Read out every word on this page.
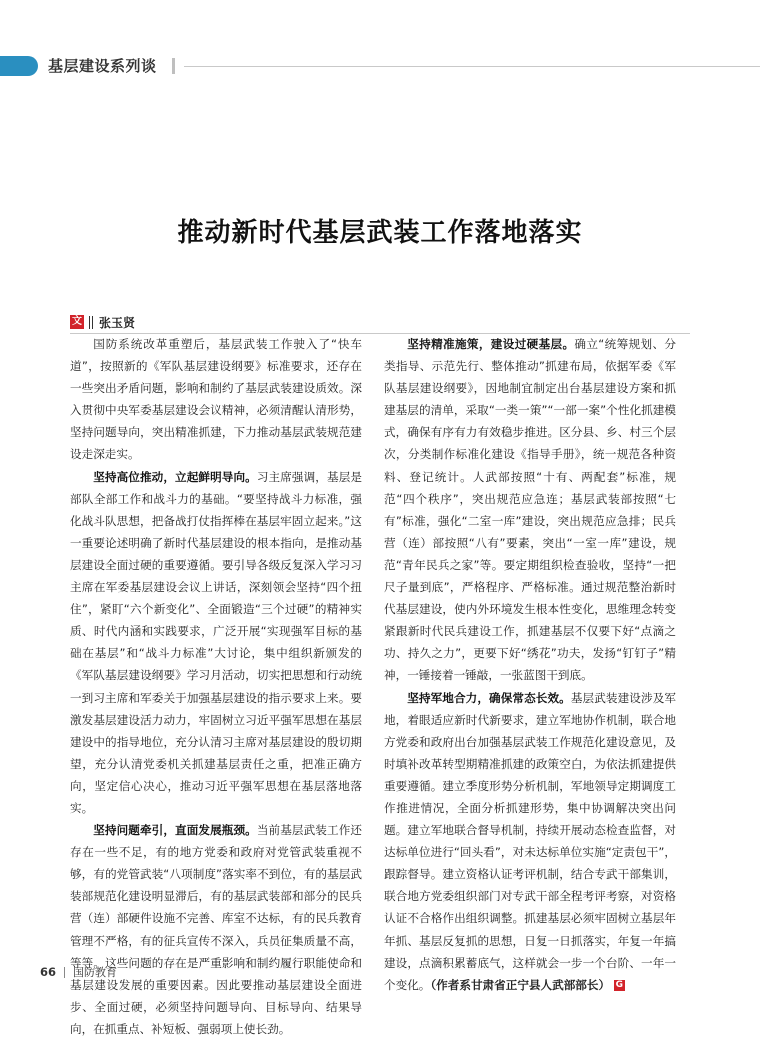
基层建设系列谈
推动新时代基层武装工作落地落实
文 张玉贤

国防系统改革重塑后，基层武装工作驶入了“快车道”，按照新的《军队基层建设纲要》标准要求，还存在一些突出矛盾问题，影响和制约了基层武装建设质效。深入贯彻中央军委基层建设会议精神，必须清醒认清形势，坚持问题导向，突出精准抓建，下力推动基层武装规范建设走深走实。

坚持高位推动，立起鲜明导向。习主席强调，基层是部队全部工作和战斗力的基础。“要坚持战斗力标准，强化战斗队思想，把备战打仗指挥棒在基层牢固立起来。”这一重要论述明确了新时代基层建设的根本指向，是推动基层建设全面过硬的重要遵循。要引导各级反复深入学习习主席在军委基层建设会议上讲话，深刻领会坚持“四个扭住”，紧盯“六个新变化”、全面锻造“三个过硬”的精神实质、时代内涵和实践要求，广泛开展“实现强军目标的基础在基层”和“战斗力标准”大讨论，集中组织新颁发的《军队基层建设纲要》学习月活动，切实把思想和行动统一到习主席和军委关于加强基层建设的指示要求上来。要激发基层建设活力动力，牢固树立习近平强军思想在基层建设中的指导地位，充分认清习主席对基层建设的殷切期望，充分认清党委机关抓建基层责任之重，把准正确方向，坚定信心决心，推动习近平强军思想在基层落地落实。

坚持问题牵引，直面发展瓶颈。当前基层武装工作还存在一些不足，有的地方党委和政府对党管武装重视不够，有的党管武装“八项制度”落实率不到位，有的基层武装部规范化建设明显滞后，有的基层武装部和部分的民兵营（连）部硬件设施不完善、库室不达标，有的民兵教育管理不严格，有的征兵宣传不深入，兵员征集质量不高，等等。这些问题的存在是严重影响和制约履行职能使命和基层建设发展的重要因素。因此要推动基层建设全面进步、全面过硬，必须坚持问题导向、目标导向、结果导向，在抓重点、补短板、强弱项上使长劲。

坚持精准施策，建设过硬基层。确立“统筹规划、分类指导、示范先行、整体推动”抓建布局，依据军委《军队基层建设纲要》，因地制宜制定出台基层建设方案和抓建基层的清单，采取“一类一策”“一部一案”个性化抓建模式，确保有序有力有效稳步推进。区分县、乡、村三个层次，分类制作标准化建设《指导手册》，统一规范各种资料、登记统计。人武部按照“十有、两配套”标准，规范“四个秩序”，突出规范应急连；基层武装部按照“七有”标准，强化“二室一库”建设，突出规范应急排；民兵营（连）部按照“八有”要素，突出“一室一库”建设，规范“青年民兵之家”等。要定期组织检查验收，坚持“一把尺子量到底”，严格程序、严格标准。通过规范整治新时代基层建设，使内外环境发生根本性变化，思维理念转变紧跟新时代民兵建设工作，抓建基层不仅要下好“点滴之功、持久之力”，更要下好“绣花”功夫，发扬“钉钉子”精神，一锤接着一锤敲，一张蓝图干到底。

坚持军地合力，确保常态长效。基层武装建设涉及军地，着眼适应新时代新要求，建立军地协作机制，联合地方党委和政府出台加强基层武装工作规范化建设意见，及时填补改革转型期精准抓建的政策空白，为依法抓建提供重要遵循。建立季度形势分析机制，军地领导定期调度工作推进情况，全面分析抓建形势，集中协调解决突出问题。建立军地联合督导机制，持续开展动态检查监督，对达标单位进行“回头看”，对未达标单位实施“定责包干”，跟踪督导。建立资格认证考评机制，结合专武干部集训，联合地方党委组织部门对专武干部全程考评考察，对资格认证不合格作出组织调整。抓建基层必须牢固树立基层年年抓、基层反复抓的思想，日复一日抓落实，年复一年搞建设，点滴积累蓄底气，这样就会一步一个台阶、一年一个变化。（作者系甘肃省正宁县人武部部长） G

66 国防教育
